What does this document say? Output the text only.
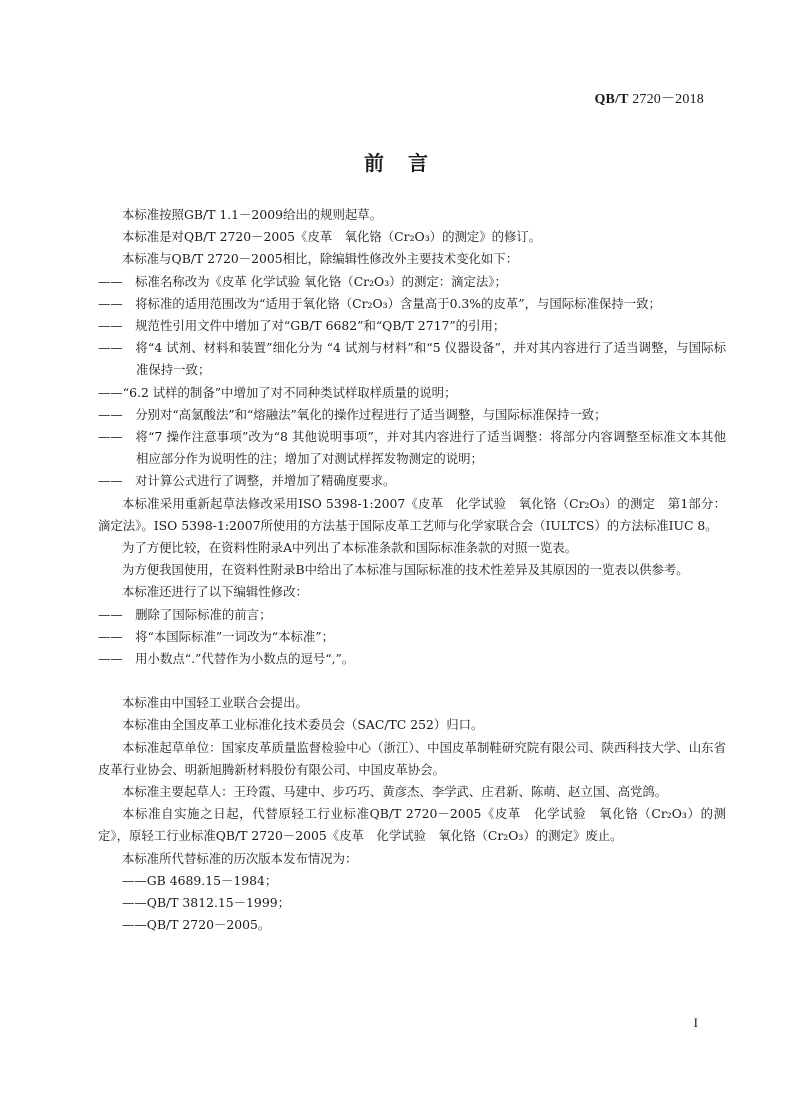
QB/T 2720－2018
前言

本标准按照GB/T 1.1－2009给出的规则起草。

本标准是对QB/T 2720－2005《皮革　氧化铬（Cr₂O₃）的测定》的修订。

本标准与QB/T 2720－2005相比，除编辑性修改外主要技术变化如下：

——　标准名称改为《皮革 化学试验 氧化铬（Cr₂O₃）的测定：滴定法》；

——　将标准的适用范围改为“适用于氧化铬（Cr₂O₃）含量高于0.3%的皮革”，与国际标准保持一致；

——　规范性引用文件中增加了对“GB/T 6682”和“QB/T 2717”的引用；

——　将“4 试剂、材料和装置”细化分为 “4 试剂与材料”和“5 仪器设备”，并对其内容进行了适当调整，与国际标准保持一致；

——“6.2 试样的制备”中增加了对不同种类试样取样质量的说明；

——　分别对“高氯酸法”和“熔融法”氧化的操作过程进行了适当调整，与国际标准保持一致；

——　将“7 操作注意事项”改为“8 其他说明事项”，并对其内容进行了适当调整：将部分内容调整至标准文本其他相应部分作为说明性的注；增加了对测试样挥发物测定的说明；

——　对计算公式进行了调整，并增加了精确度要求。

本标准采用重新起草法修改采用ISO 5398-1:2007《皮革　化学试验　氧化铬（Cr₂O₃）的测定　第1部分：滴定法》。ISO 5398-1:2007所使用的方法基于国际皮革工艺师与化学家联合会（IULTCS）的方法标准IUC 8。

为了方便比较，在资料性附录A中列出了本标准条款和国际标准条款的对照一览表。

为方便我国使用，在资料性附录B中给出了本标准与国际标准的技术性差异及其原因的一览表以供参考。

本标准还进行了以下编辑性修改：

——　删除了国际标准的前言；

——　将“本国际标准”一词改为“本标准”；

——　用小数点“.”代替作为小数点的逗号“,”。

本标准由中国轻工业联合会提出。

本标准由全国皮革工业标准化技术委员会（SAC/TC 252）归口。

本标准起草单位：国家皮革质量监督检验中心（浙江）、中国皮革制鞋研究院有限公司、陕西科技大学、山东省皮革行业协会、明新旭腾新材料股份有限公司、中国皮革协会。

本标准主要起草人：王玲霞、马建中、步巧巧、黄彦杰、李学武、庄君新、陈萌、赵立国、高党鸽。

本标准自实施之日起，代替原轻工行业标准QB/T 2720－2005《皮革　化学试验　氧化铬（Cr₂O₃）的测定》，原轻工行业标准QB/T 2720－2005《皮革　化学试验　氧化铬（Cr₂O₃）的测定》废止。

本标准所代替标准的历次版本发布情况为：

——GB 4689.15－1984；

——QB/T 3812.15－1999；

——QB/T 2720－2005。

I
